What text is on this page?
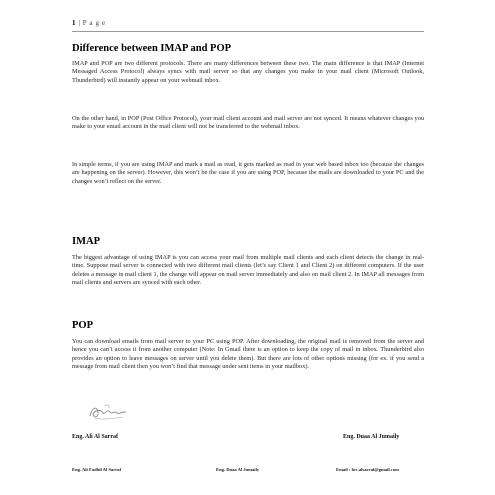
1 | P a g e
Difference between IMAP and POP
IMAP and POP are two different protocols. There are many differences between these two. The main difference is that IMAP (Internet Messaged Access Protocol) always syncs with mail server so that any changes you make in your mail client (Microsoft Outlook, Thunderbird) will instantly appear on your webmail inbox.
On the other hand, in POP (Post Office Protocol), your mail client account and mail server are not synced. It means whatever changes you make to your email account in the mail client will not be transferred to the webmail inbox.
In simple terms, if you are using IMAP and mark a mail as read, it gets marked as read in your web based inbox too (because the changes are happening on the server). However, this won’t be the case if you are using POP, because the mails are downloaded to your PC and the changes won’t reflect on the server.
IMAP
The biggest advantage of using IMAP is you can access your mail from multiple mail clients and each client detects the change in real-time. Suppose mail server is connected with two different mail clients (let’s say Client 1 and Client 2) on different computers. If the user deletes a message in mail client 1, the change will appear on mail server immediately and also on mail client 2. In IMAP all messages from mail clients and servers are synced with each other.
POP
You can download emails from mail server to your PC using POP. After downloading, the original mail is removed from the server and hence you can’t access it from another computer (Note: In Gmail there is an option to keep the copy of mail in inbox. Thunderbird also provides an option to leave messages on server until you delete them). But there are lots of other options missing (for ex. if you send a message from mail client then you won’t find that message under sent items in your mailbox).
Eng. Ali Al Sarraf	Eng. Duaa Al Jumaily
Eng. Ali Fadhil Al Sarraf	Eng. Duaa Al Jumaily	Email : btc.alsarraf@gmail.com
